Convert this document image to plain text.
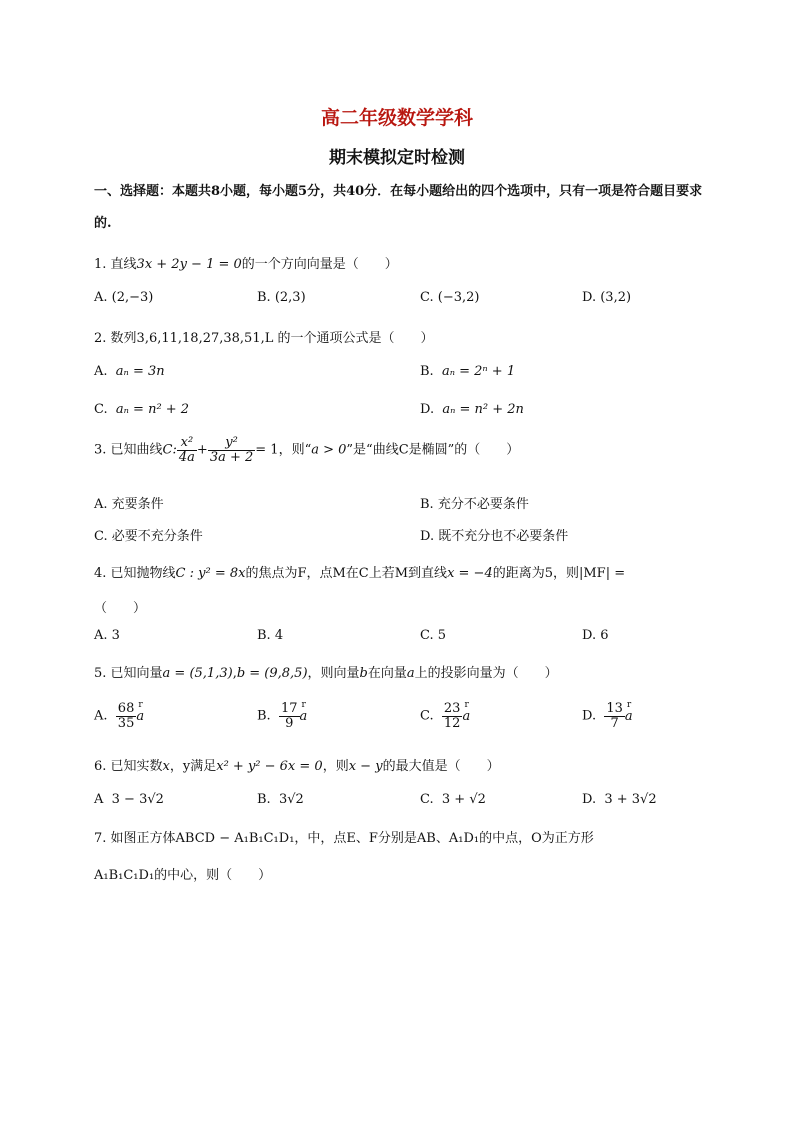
高二年级数学学科
期末模拟定时检测
一、选择题：本题共8小题，每小题5分，共40分．在每小题给出的四个选项中，只有一项是符合题目要求的.
1. 直线3x + 2y − 1 = 0的一个方向向量是（　　）
A. (2,−3)	B. (2,3)	C. (−3,2)	D. (3,2)
2. 数列3,6,11,18,27,38,51,L 的一个通项公式是（　　）
A. aₙ = 3n	B. aₙ = 2ⁿ + 1
C. aₙ = n² + 2	D. aₙ = n² + 2n
3. 已知曲线C: $\frac{\text{x²}}{4a} + \frac{\text{y²}}{3a + 2} = 1$，则“a > 0”是“曲线C是椭圆”的（　　）
A. 充要条件	B. 充分不必要条件
C. 必要不充分条件	D. 既不充分也不必要条件
4. 已知抛物线C : y² = 8x的焦点为F，点M在C上若M到直线x = −4的距离为5，则|MF| =
（　　）
A. 3	B. 4	C. 5	D. 6
5. 已知向量a = (5,1,3),b = (9,8,5)，则向量b在向量a上的投影向量为（　　）
A. $\frac{68}{35}$ r a	B. $\frac{17}{9}$ r a	C. $\frac{23}{12}$ r a	D. $\frac{13}{7}$ r a
6. 已知实数x，y满足x² + y² − 6x = 0，则x − y的最大值是（　　）
A 3 − 3√2	B. 3√2	C. 3 + √2	D. 3 + 3√2
7. 如图正方体ABCD − A₁B₁C₁D₁，中，点E、F分别是AB、A₁D₁的中点，O为正方形
A₁B₁C₁D₁的中心，则（　　）
